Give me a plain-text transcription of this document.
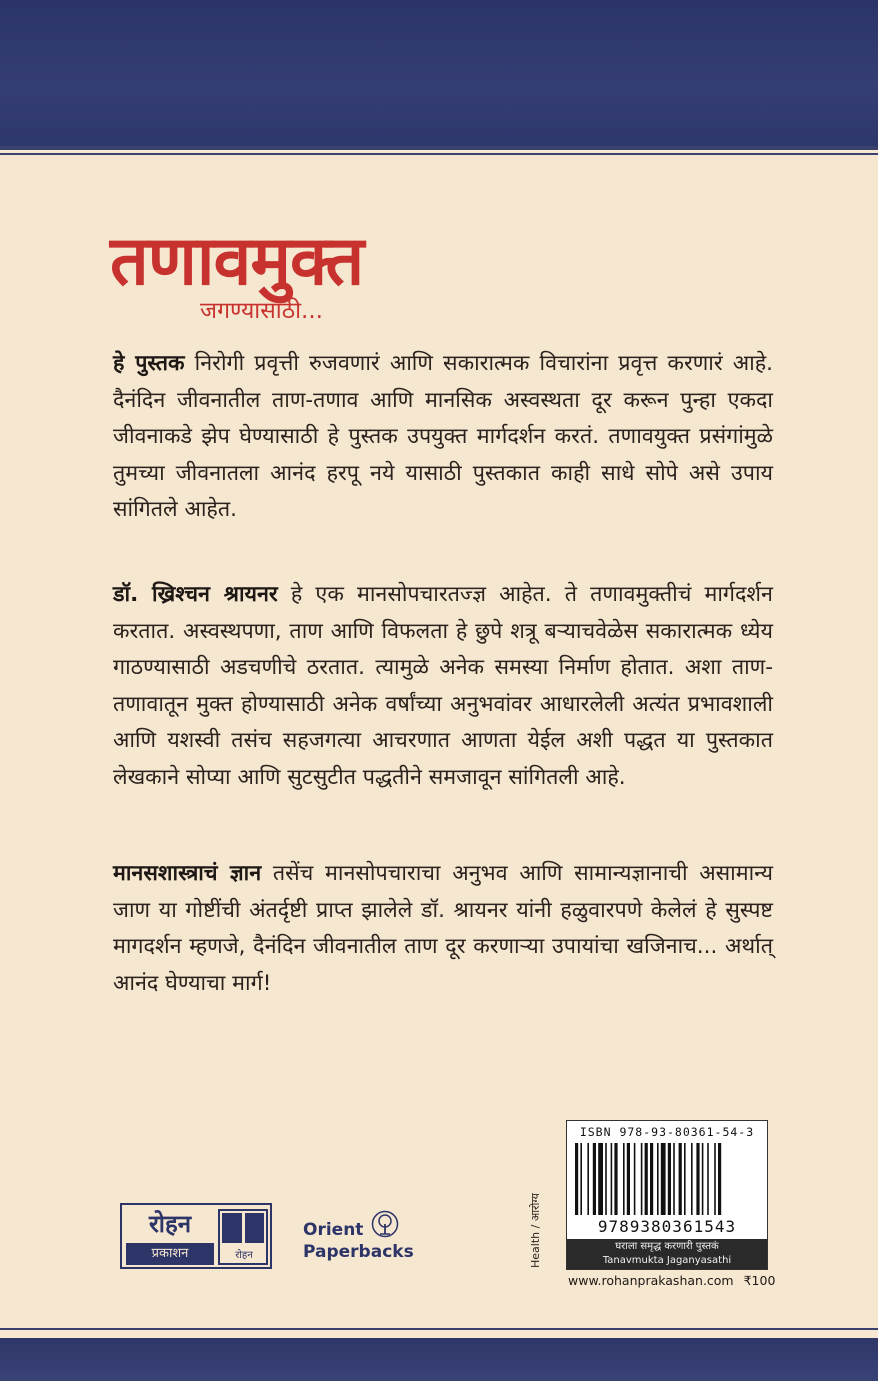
तणावमुक्त
जगण्यासाठी...

हे पुस्तक निरोगी प्रवृत्ती रुजवणारं आणि सकारात्मक विचारांना प्रवृत्त करणारं आहे. दैनंदिन जीवनातील ताण-तणाव आणि मानसिक अस्वस्थता दूर करून पुन्हा एकदा जीवनाकडे झेप घेण्यासाठी हे पुस्तक उपयुक्त मार्गदर्शन करतं. तणावयुक्त प्रसंगांमुळे तुमच्या जीवनातला आनंद हरपू नये यासाठी पुस्तकात काही साधे सोपे असे उपाय सांगितले आहेत.

डॉ. ख्रिश्चन श्रायनर हे एक मानसोपचारतज्ज्ञ आहेत. ते तणावमुक्तीचं मार्गदर्शन करतात. अस्वस्थपणा, ताण आणि विफलता हे छुपे शत्रू बऱ्याचवेळेस सकारात्मक ध्येय गाठण्यासाठी अडचणीचे ठरतात. त्यामुळे अनेक समस्या निर्माण होतात. अशा ताण-तणावातून मुक्त होण्यासाठी अनेक वर्षांच्या अनुभवांवर आधारलेली अत्यंत प्रभावशाली आणि यशस्वी तसंच सहजगत्या आचरणात आणता येईल अशी पद्धत या पुस्तकात लेखकाने सोप्या आणि सुटसुटीत पद्धतीने समजावून सांगितली आहे.

मानसशास्त्राचं ज्ञान तसेंच मानसोपचाराचा अनुभव आणि सामान्यज्ञानाची असामान्य जाण या गोष्टींची अंतर्दृष्टी प्राप्त झालेले डॉ. श्रायनर यांनी हळुवारपणे केलेलं हे सुस्पष्ट मागदर्शन म्हणजे, दैनंदिन जीवनातील ताण दूर करणाऱ्या उपायांचा खजिनाच... अर्थात् आनंद घेण्याचा मार्ग!

रोहन
प्रकाशन	रोहन
Orient
Paperbacks	Health / आरोग्य
ISBN 978-93-80361-54-3
9789380361543
घराला समृद्ध करणारी पुस्तकं
Tanavmukta Jaganyasathi
www.rohanprakashan.com ₹100
